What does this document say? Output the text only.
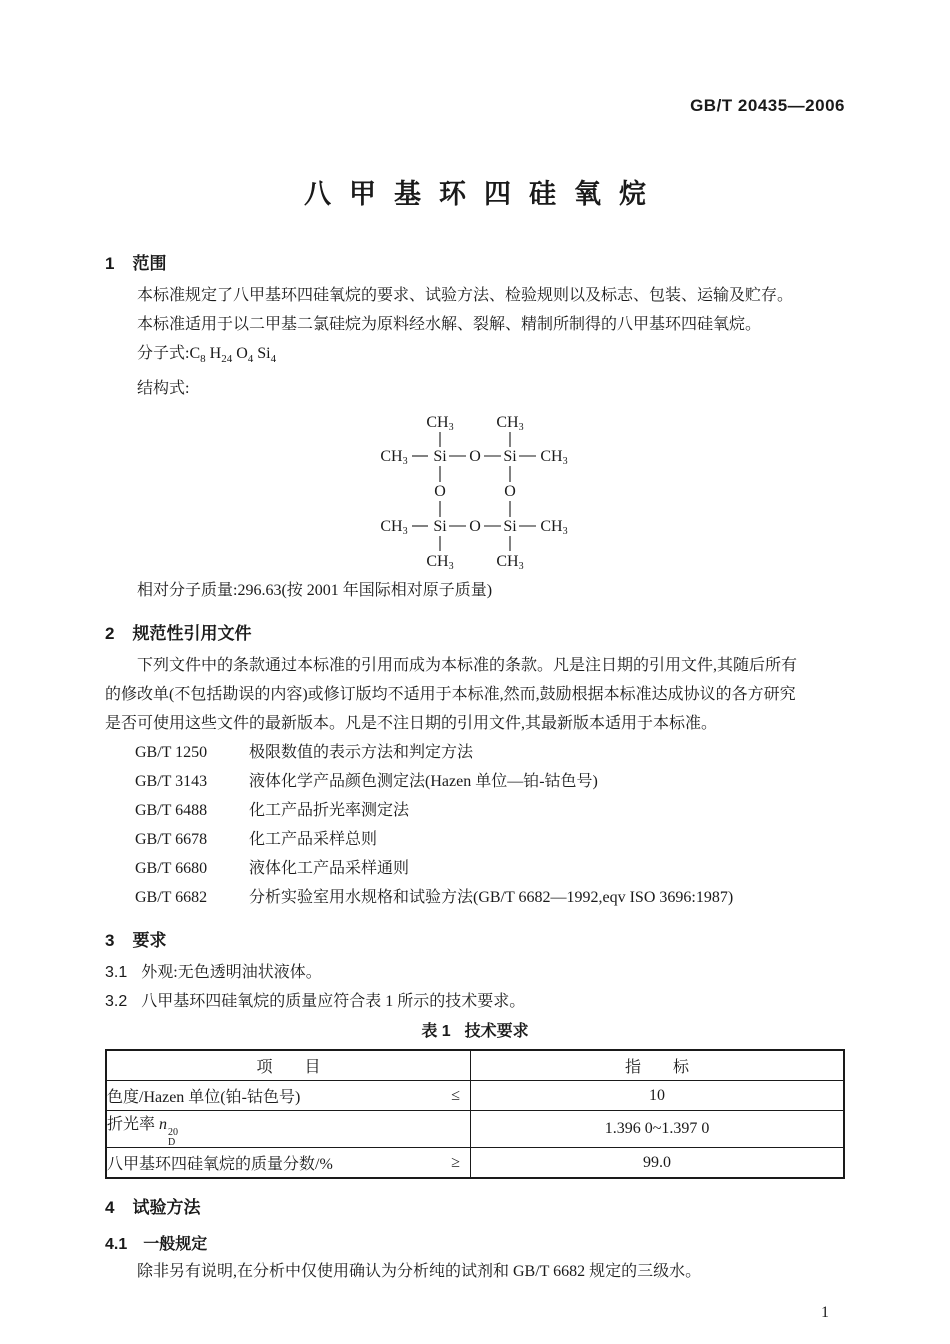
GB/T 20435—2006
八甲基环四硅氧烷
1 范围

本标准规定了八甲基环四硅氧烷的要求、试验方法、检验规则以及标志、包装、运输及贮存。

本标准适用于以二甲基二氯硅烷为原料经水解、裂解、精制所制得的八甲基环四硅氧烷。

分子式$:C_8$ $H_{24}$ $O_4$ $Si_4$

结构式:

CH3	CH3
CH3 Si O Si CH3
O	O
CH3 Si O Si CH3
CH3	CH3

相对分子质量:296.63(按 2001 年国际相对原子质量)

2 规范性引用文件

下列文件中的条款通过本标准的引用而成为本标准的条款。凡是注日期的引用文件,其随后所有

的修改单(不包括勘误的内容)或修订版均不适用于本标准,然而,鼓励根据本标准达成协议的各方研究

是否可使用这些文件的最新版本。凡是不注日期的引用文件,其最新版本适用于本标准。

GB/T 1250	极限数值的表示方法和判定方法

GB/T 3143	液体化学产品颜色测定法(Hazen 单位—铂-钴色号)

GB/T 6488	化工产品折光率测定法

GB/T 6678	化工产品采样总则

GB/T 6680	液体化工产品采样通则

GB/T 6682	分析实验室用水规格和试验方法(GB/T 6682—1992,eqv ISO 3696:1987)

3 要求

3.1 外观:无色透明油状液体。

3.2 八甲基环四硅氧烷的质量应符合表 1 所示的技术要求。

表 1 技术要求

项　　目	指　　标
色度/Hazen 单位(铂-钴色号) ≤	10
折光率 n 20
D	1.396 0~1.397 0
八甲基环四硅氧烷的质量分数/% ≥	99.0
4 试验方法
4.1 一般规定

除非另有说明,在分析中仅使用确认为分析纯的试剂和 GB/T 6682 规定的三级水。

1
